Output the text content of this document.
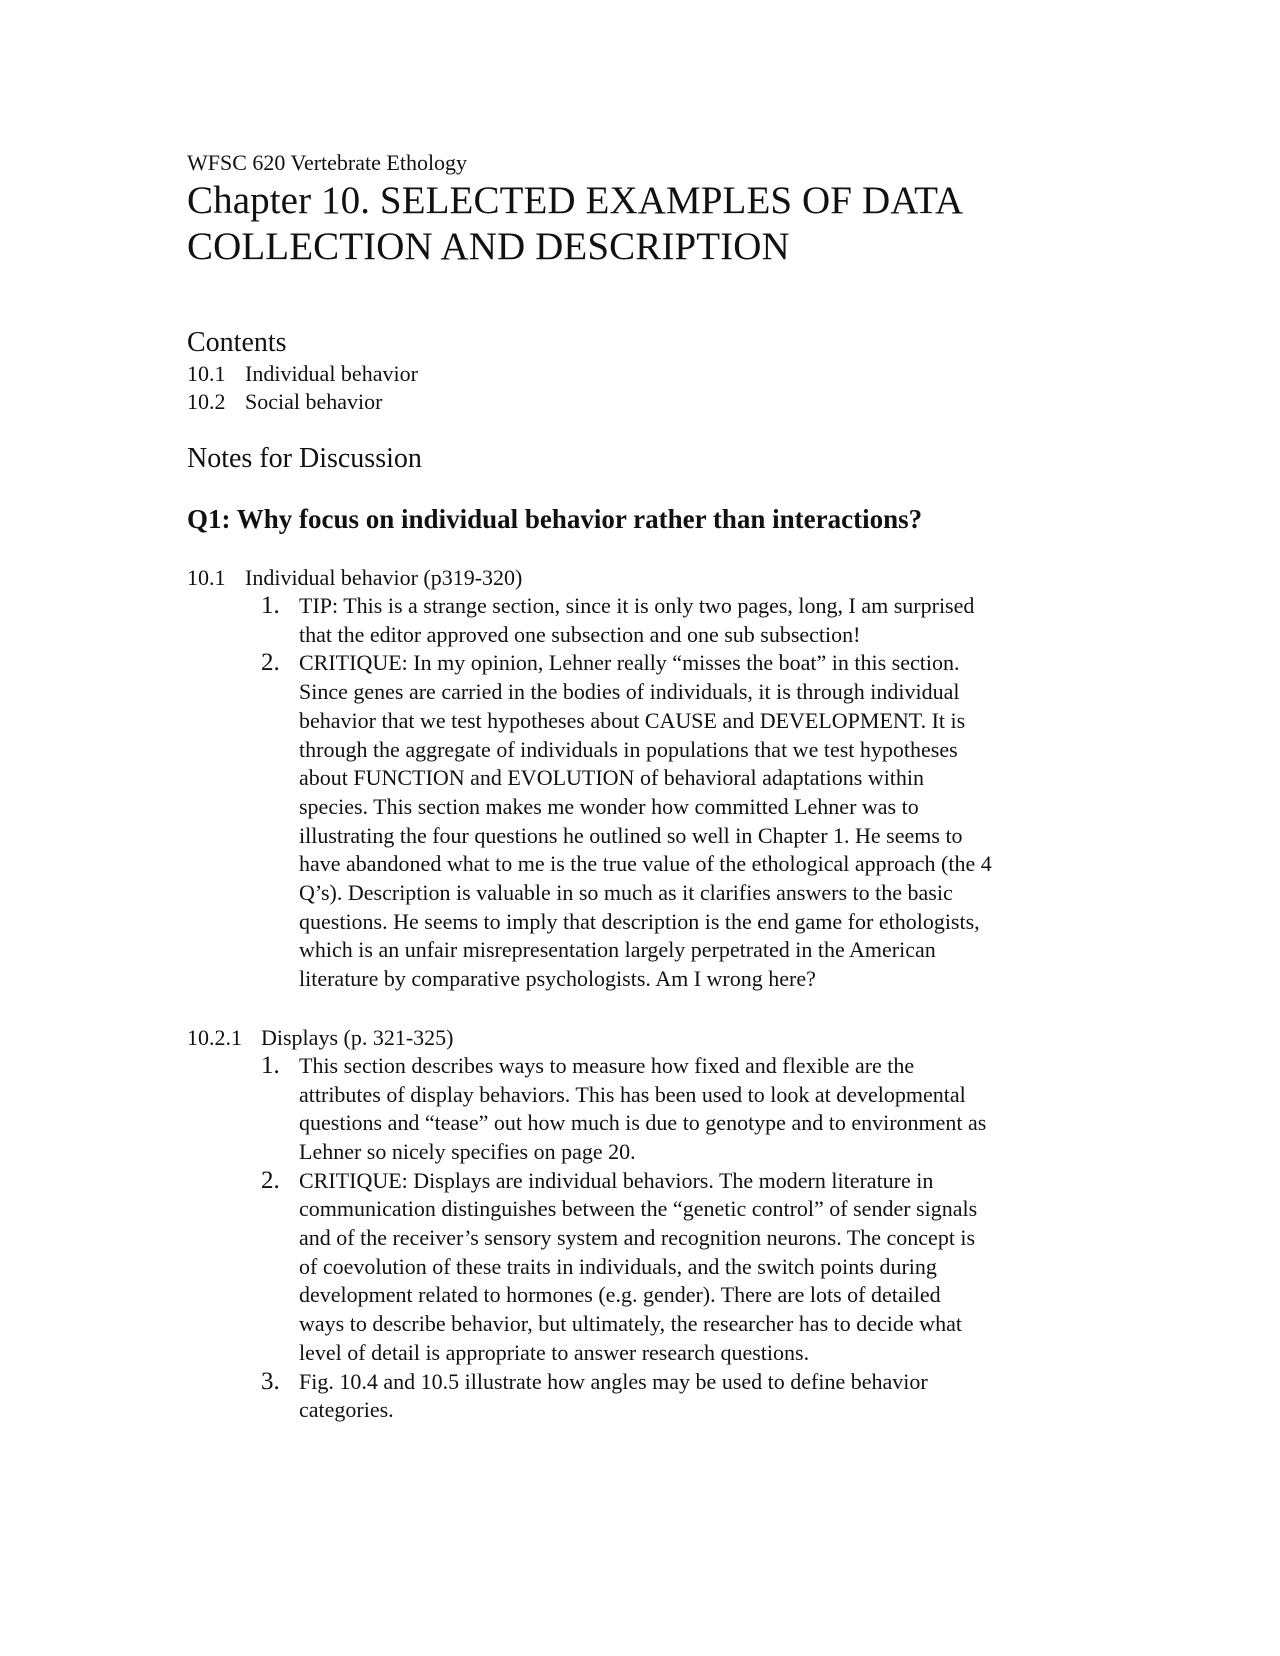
WFSC 620 Vertebrate Ethology

Chapter 10. SELECTED EXAMPLES OF DATA
COLLECTION AND DESCRIPTION

Contents

10.1 Individual behavior

10.2 Social behavior

Notes for Discussion

Q1: Why focus on individual behavior rather than interactions?

10.1 Individual behavior (p319-320)

1. TIP: This is a strange section, since it is only two pages, long, I am surprised
that the editor approved one subsection and one sub subsection!
2. CRITIQUE: In my opinion, Lehner really “misses the boat” in this section.
Since genes are carried in the bodies of individuals, it is through individual
behavior that we test hypotheses about CAUSE and DEVELOPMENT. It is
through the aggregate of individuals in populations that we test hypotheses
about FUNCTION and EVOLUTION of behavioral adaptations within
species. This section makes me wonder how committed Lehner was to
illustrating the four questions he outlined so well in Chapter 1. He seems to
have abandoned what to me is the true value of the ethological approach (the 4
Q’s). Description is valuable in so much as it clarifies answers to the basic
questions. He seems to imply that description is the end game for ethologists,
which is an unfair misrepresentation largely perpetrated in the American
literature by comparative psychologists. Am I wrong here?

10.2.1 Displays (p. 321-325)

1. This section describes ways to measure how fixed and flexible are the
attributes of display behaviors. This has been used to look at developmental
questions and “tease” out how much is due to genotype and to environment as
Lehner so nicely specifies on page 20.
2. CRITIQUE: Displays are individual behaviors. The modern literature in
communication distinguishes between the “genetic control” of sender signals
and of the receiver’s sensory system and recognition neurons. The concept is
of coevolution of these traits in individuals, and the switch points during
development related to hormones (e.g. gender). There are lots of detailed
ways to describe behavior, but ultimately, the researcher has to decide what
level of detail is appropriate to answer research questions.
3. Fig. 10.4 and 10.5 illustrate how angles may be used to define behavior
categories.
